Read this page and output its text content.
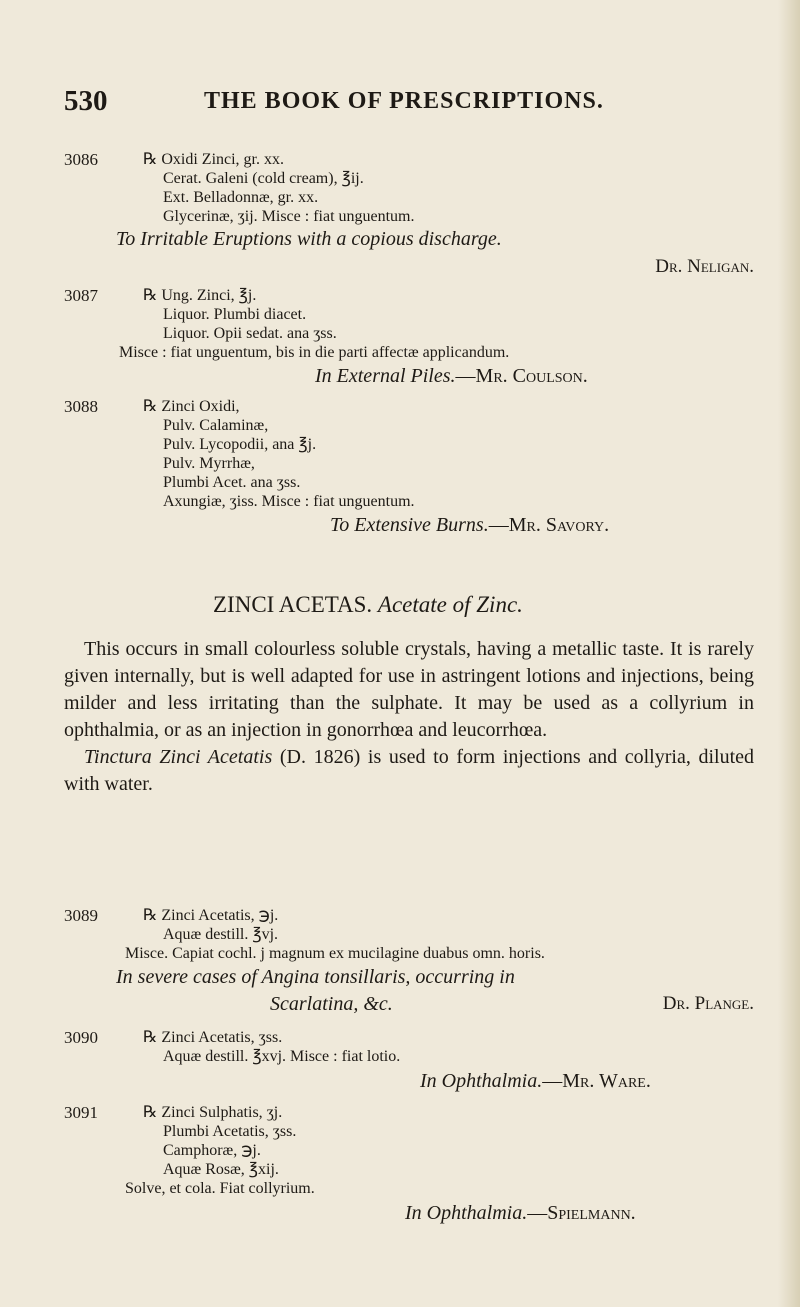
530	THE BOOK OF PRESCRIPTIONS.
3086	℞ Oxidi Zinci, gr. xx.
Cerat. Galeni (cold cream), ℥ij.
Ext. Belladonnæ, gr. xx.
Glycerinæ, ʒij. Misce : fiat unguentum.
To Irritable Eruptions with a copious discharge.
Dr. Neligan.
3087	℞ Ung. Zinci, ℥j.
Liquor. Plumbi diacet.
Liquor. Opii sedat. ana ʒss.
Misce : fiat unguentum, bis in die parti affectæ applicandum.
In External Piles.—Mr. Coulson.
3088	℞ Zinci Oxidi,
Pulv. Calaminæ,
Pulv. Lycopodii, ana ℥j.
Pulv. Myrrhæ,
Plumbi Acet. ana ʒss.
Axungiæ, ʒiss. Misce : fiat unguentum.
To Extensive Burns.—Mr. Savory.
ZINCI ACETAS. Acetate of Zinc.

This occurs in small colourless soluble crystals, having a metallic taste. It is rarely given internally, but is well adapted for use in astringent lotions and injections, being milder and less irritating than the sulphate. It may be used as a collyrium in ophthalmia, or as an injection in gonorrhœa and leucorrhœa.

Tinctura Zinci Acetatis (D. 1826) is used to form injections and collyria, diluted with water.

3089	℞ Zinci Acetatis, ℈j.
Aquæ destill. ℥vj.
Misce. Capiat cochl. j magnum ex mucilagine duabus omn. horis.
In severe cases of Angina tonsillaris, occurring in
Scarlatina, &c.	Dr. Plange.
3090	℞ Zinci Acetatis, ʒss.
Aquæ destill. ℥xvj. Misce : fiat lotio.
In Ophthalmia.—Mr. Ware.
3091	℞ Zinci Sulphatis, ʒj.
Plumbi Acetatis, ʒss.
Camphoræ, ℈j.
Aquæ Rosæ, ℥xij.
Solve, et cola. Fiat collyrium.
In Ophthalmia.—Spielmann.
